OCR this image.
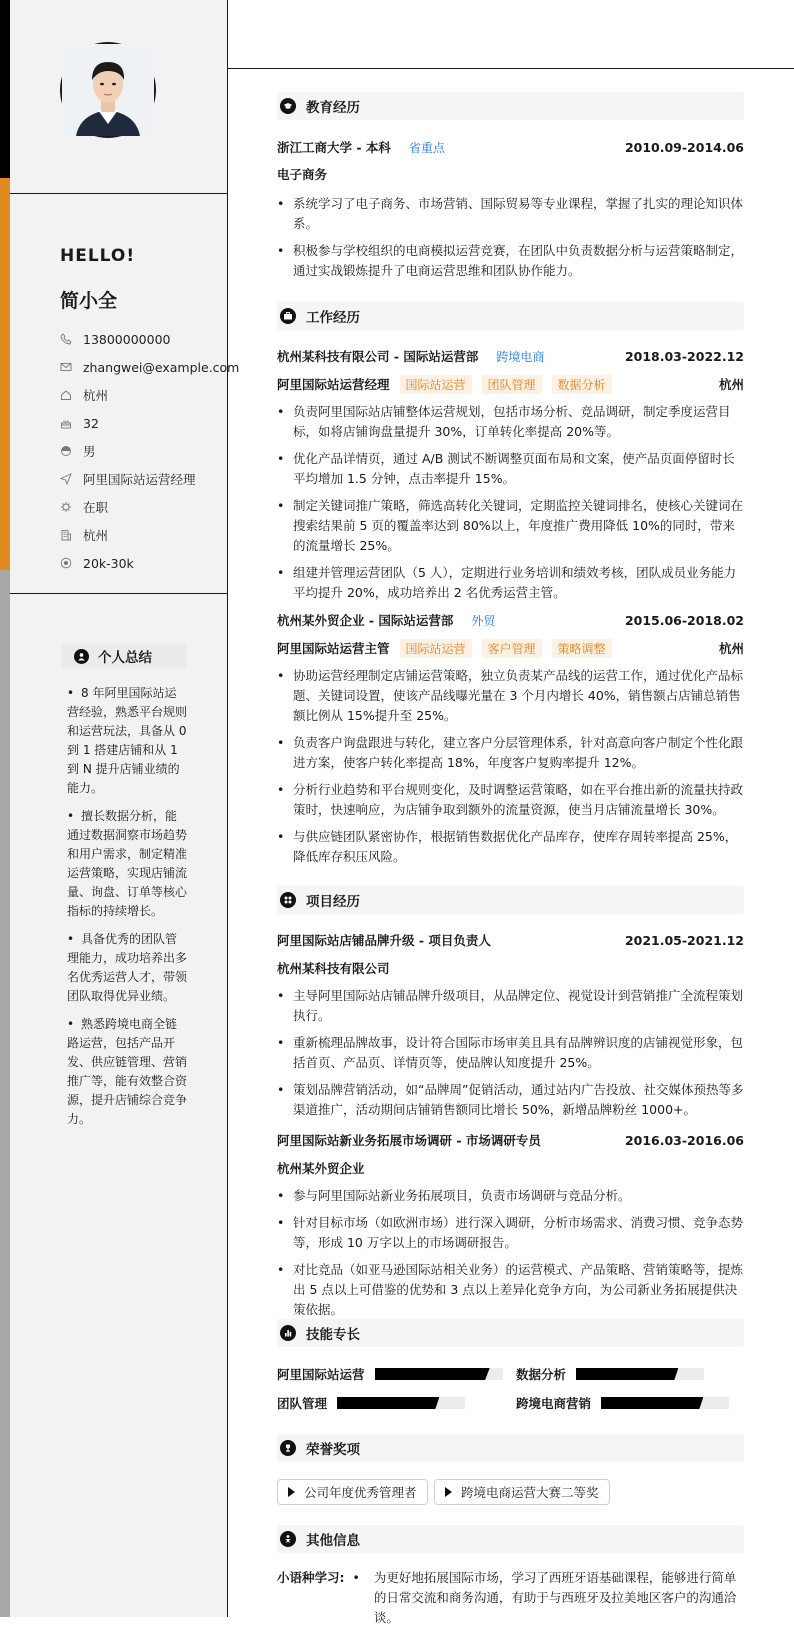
HELLO!
简小全
13800000000
zhangwei@example.com
杭州
32
男
阿里国际站运营经理
在职
杭州
20k-30k
个人总结
• 8 年阿里国际站运营经验，熟悉平台规则和运营玩法，具备从 0 到 1 搭建店铺和从 1 到 N 提升店铺业绩的能力。
• 擅长数据分析，能通过数据洞察市场趋势和用户需求，制定精准运营策略，实现店铺流量、询盘、订单等核心指标的持续增长。
• 具备优秀的团队管理能力，成功培养出多名优秀运营人才，带领团队取得优异业绩。
• 熟悉跨境电商全链路运营，包括产品开发、供应链管理、营销推广等，能有效整合资源，提升店铺综合竞争力。
教育经历
浙江工商大学 - 本科 省重点	2010.09-2014.06
电子商务
• 系统学习了电子商务、市场营销、国际贸易等专业课程，掌握了扎实的理论知识体系。
• 积极参与学校组织的电商模拟运营竞赛，在团队中负责数据分析与运营策略制定，通过实战锻炼提升了电商运营思维和团队协作能力。
工作经历
杭州某科技有限公司 - 国际站运营部 跨境电商	2018.03-2022.12
阿里国际站运营经理	国际站运营	团队管理	数据分析	杭州
• 负责阿里国际站店铺整体运营规划，包括市场分析、竞品调研，制定季度运营目标，如将店铺询盘量提升 30%，订单转化率提高 20%等。
• 优化产品详情页，通过 A/B 测试不断调整页面布局和文案，使产品页面停留时长平均增加 1.5 分钟，点击率提升 15%。
• 制定关键词推广策略，筛选高转化关键词，定期监控关键词排名，使核心关键词在搜索结果前 5 页的覆盖率达到 80%以上，年度推广费用降低 10%的同时，带来的流量增长 25%。
• 组建并管理运营团队（5 人），定期进行业务培训和绩效考核，团队成员业务能力平均提升 20%，成功培养出 2 名优秀运营主管。
杭州某外贸企业 - 国际站运营部 外贸	2015.06-2018.02
阿里国际站运营主管	国际站运营	客户管理	策略调整	杭州
• 协助运营经理制定店铺运营策略，独立负责某产品线的运营工作，通过优化产品标题、关键词设置，使该产品线曝光量在 3 个月内增长 40%，销售额占店铺总销售额比例从 15%提升至 25%。
• 负责客户询盘跟进与转化，建立客户分层管理体系，针对高意向客户制定个性化跟进方案，使客户转化率提高 18%，年度客户复购率提升 12%。
• 分析行业趋势和平台规则变化，及时调整运营策略，如在平台推出新的流量扶持政策时，快速响应，为店铺争取到额外的流量资源，使当月店铺流量增长 30%。
• 与供应链团队紧密协作，根据销售数据优化产品库存，使库存周转率提高 25%，降低库存积压风险。
项目经历
阿里国际站店铺品牌升级 - 项目负责人	2021.05-2021.12
杭州某科技有限公司
• 主导阿里国际站店铺品牌升级项目，从品牌定位、视觉设计到营销推广全流程策划执行。
• 重新梳理品牌故事，设计符合国际市场审美且具有品牌辨识度的店铺视觉形象，包括首页、产品页、详情页等，使品牌认知度提升 25%。
• 策划品牌营销活动，如“品牌周”促销活动，通过站内广告投放、社交媒体预热等多渠道推广，活动期间店铺销售额同比增长 50%，新增品牌粉丝 1000+。
阿里国际站新业务拓展市场调研 - 市场调研专员	2016.03-2016.06
杭州某外贸企业
• 参与阿里国际站新业务拓展项目，负责市场调研与竞品分析。
• 针对目标市场（如欧洲市场）进行深入调研，分析市场需求、消费习惯、竞争态势等，形成 10 万字以上的市场调研报告。
• 对比竞品（如亚马逊国际站相关业务）的运营模式、产品策略、营销策略等，提炼出 5 点以上可借鉴的优势和 3 点以上差异化竞争方向，为公司新业务拓展提供决策依据。
技能专长
阿里国际站运营	数据分析
团队管理	跨境电商营销
荣誉奖项
公司年度优秀管理者	跨境电商运营大赛二等奖
其他信息
小语种学习: • 为更好地拓展国际市场，学习了西班牙语基础课程，能够进行简单的日常交流和商务沟通，有助于与西班牙及拉美地区客户的沟通洽谈。
